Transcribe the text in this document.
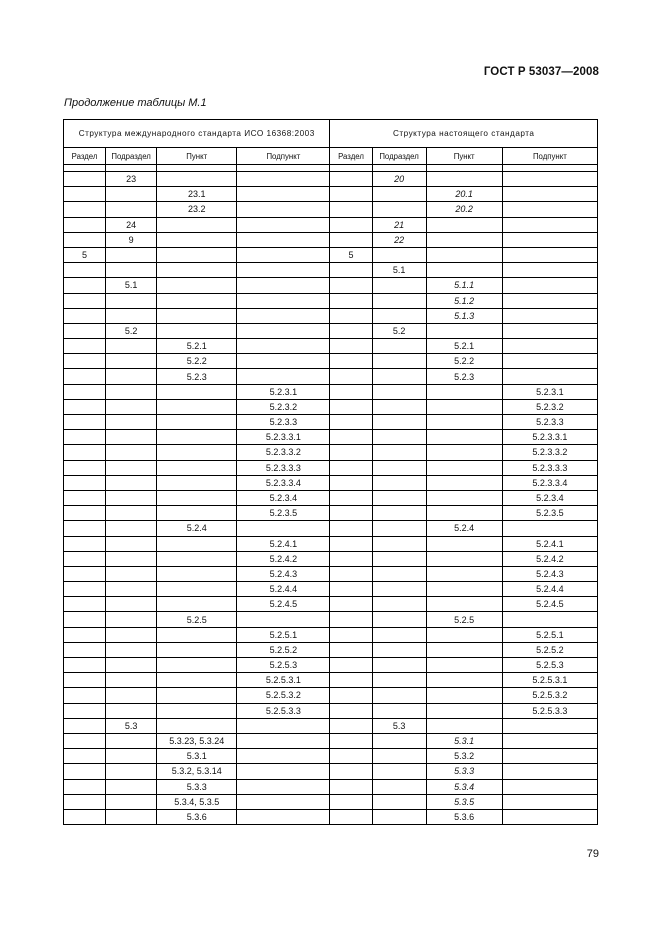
ГОСТ Р 53037—2008
Продолжение таблицы М.1
Структура международного стандарта ИСО 16368:2003				Структура настоящего стандарта			
Раздел	Подраздел	Пункт	Подпункт	Раздел	Подраздел	Пункт	Подпункт

	23				20		
		23.1				20.1	
		23.2				20.2	
	24				21		
	9				22		
5				5			
					5.1		
	5.1					5.1.1	
						5.1.2	
						5.1.3	
	5.2				5.2		
		5.2.1				5.2.1	
		5.2.2				5.2.2	
		5.2.3				5.2.3	
			5.2.3.1				5.2.3.1
			5.2.3.2				5.2.3.2
			5.2.3.3				5.2.3.3
			5.2.3.3.1				5.2.3.3.1
			5.2.3.3.2				5.2.3.3.2
			5.2.3.3.3				5.2.3.3.3
			5.2.3.3.4				5.2.3.3.4
			5.2.3.4				5.2.3.4
			5.2.3.5				5.2.3.5
		5.2.4				5.2.4	
			5.2.4.1				5.2.4.1
			5.2.4.2				5.2.4.2
			5.2.4.3				5.2.4.3
			5.2.4.4				5.2.4.4
			5.2.4.5				5.2.4.5
		5.2.5				5.2.5	
			5.2.5.1				5.2.5.1
			5.2.5.2				5.2.5.2
			5.2.5.3				5.2.5.3
			5.2.5.3.1				5.2.5.3.1
			5.2.5.3.2				5.2.5.3.2
			5.2.5.3.3				5.2.5.3.3
	5.3				5.3		
		5.3.23, 5.3.24				5.3.1	
		5.3.1				5.3.2	
		5.3.2, 5.3.14				5.3.3	
		5.3.3				5.3.4	
		5.3.4, 5.3.5				5.3.5	
		5.3.6				5.3.6	
79
